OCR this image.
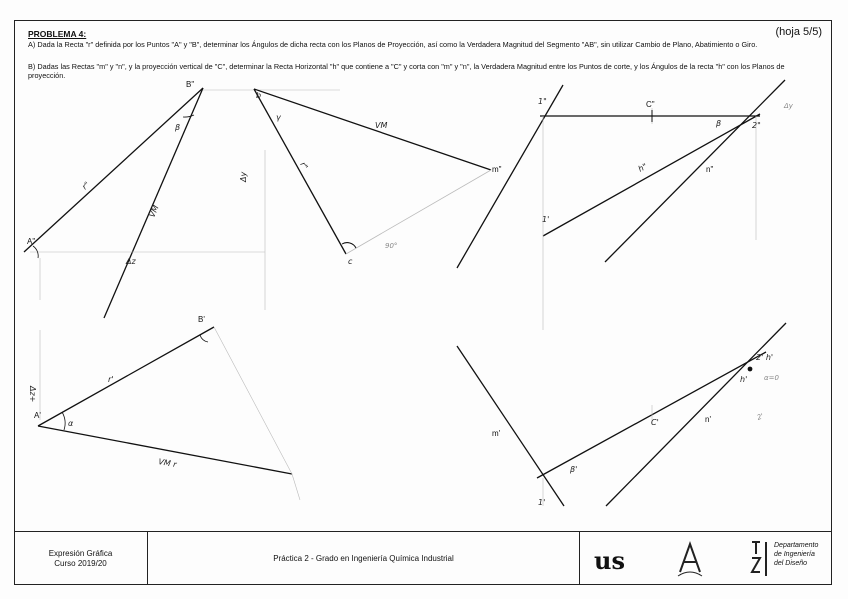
PROBLEMA 4:	(hoja 5/5)
A) Dada la Recta "r" definida por los Puntos "A" y "B", determinar los Ángulos de dicha recta con los Planos de Proyección, así como la Verdadera Magnitud del Segmento "AB", sin utilizar Cambio de Plano, Abatimiento o Giro.
B) Dadas las Rectas "m" y "n", y la proyección vertical de "C", determinar la Recta Horizontal "h" que contiene a "C" y corta con "m" y "n", la Verdadera Magnitud entre los Puntos de corte, y los Ángulos de la recta "h" con los Planos de proyección.
B"
A"
r"
β
VM
Δz
m"
VM
γ
r"
b
c
90°
Δy
B'
A'
r'
α
Δz+
VM r
C"
n"
1"
h"
β	2"
Δy
1'
m'
n'
2' h'
C'
h'
β'
α=0
2'
1'
Expresión Gráfica
Curso 2019/20	Práctica 2 - Grado en Ingeniería Química Industrial	us
Departamento
de Ingeniería
del Diseño
